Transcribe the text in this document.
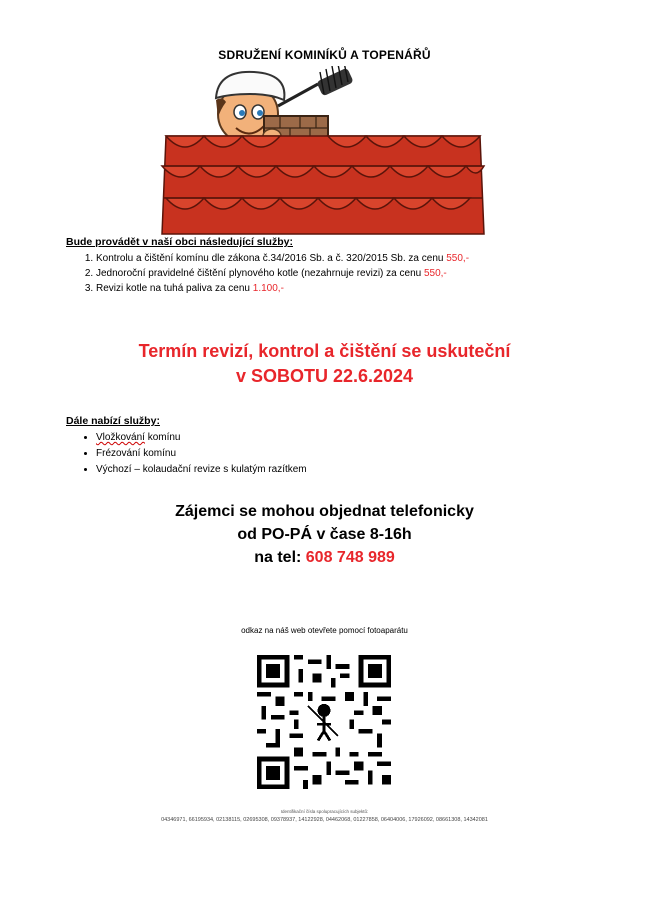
SDRUŽENÍ KOMINÍKŮ A TOPENÁŘŮ
Bude provádět v naší obci následující služby:
1. Kontrolu a čištění komínu dle zákona č.34/2016 Sb. a č. 320/2015 Sb. za cenu 550,-
2. Jednoroční pravidelné čištění plynového kotle (nezahrnuje revizi) za cenu 550,-
3. Revizi kotle na tuhá paliva za cenu 1.100,-
Termín revizí, kontrol a čištění se uskuteční
v SOBOTU 22.6.2024
Dále nabízí služby:
• Vložkování komínu
• Frézování komínu
• Výchozí – kolaudační revize s kulatým razítkem
Zájemci se mohou objednat telefonicky
od PO-PÁ v čase 8-16h
na tel: 608 748 989
odkaz na náš web otevřete pomocí fotoaparátu
Identifikační čísla spolupracujících subjektů:
04346971, 66195934, 02138115, 02695308, 09378937, 14122928, 04462068, 01227858, 06404006, 17926092, 08661308, 14342081
